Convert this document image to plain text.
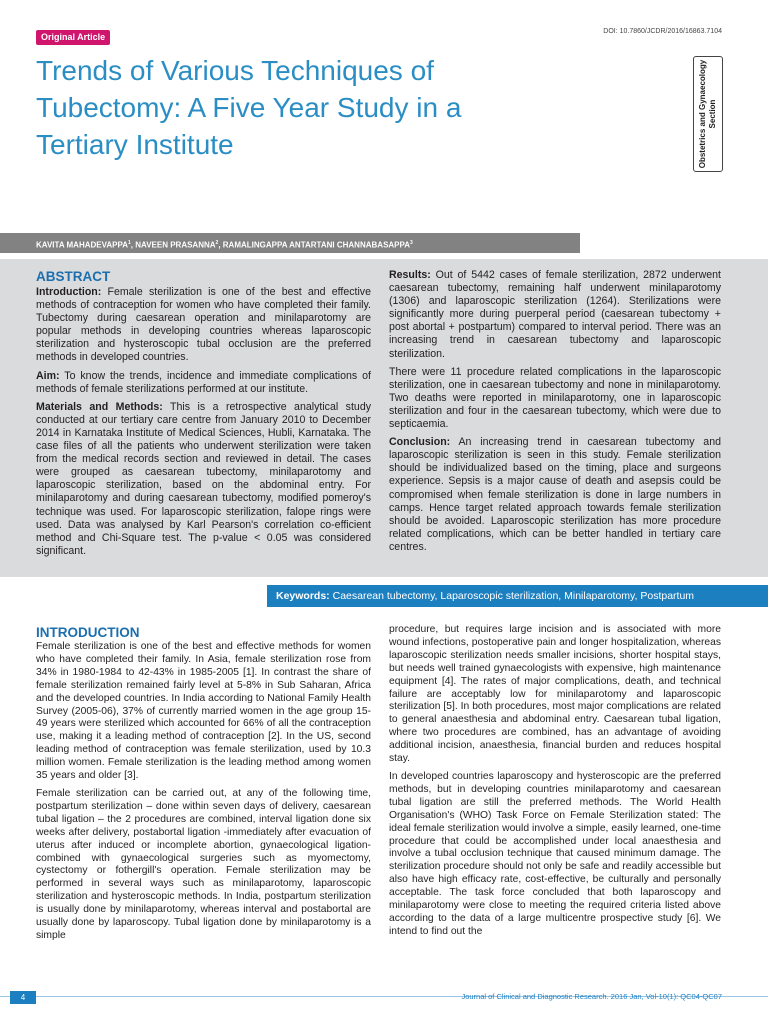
Original Article
DOI: 10.7860/JCDR/2016/16863.7104
Trends of Various Techniques of Tubectomy: A Five Year Study in a Tertiary Institute	Obstetrics and Gynaecology Section
KAVITA MAHADEVAPPA$^1$, NAVEEN PRASANNA$^2$, RAMALINGAPPA ANTARTANI CHANNABASAPPA$^3$
ABSTRACT

Introduction: Female sterilization is one of the best and effective methods of contraception for women who have completed their family. Tubectomy during caesarean operation and minilaparotomy are popular methods in developing countries whereas laparoscopic sterilization and hysteroscopic tubal occlusion are the preferred methods in developed countries.

Aim: To know the trends, incidence and immediate complications of methods of female sterilizations performed at our institute.

Materials and Methods: This is a retrospective analytical study conducted at our tertiary care centre from January 2010 to December 2014 in Karnataka Institute of Medical Sciences, Hubli, Karnataka. The case files of all the patients who underwent sterilization were taken from the medical records section and reviewed in detail. The cases were grouped as caesarean tubectomy, minilaparotomy and laparoscopic sterilization, based on the abdominal entry. For minilaparotomy and during caesarean tubectomy, modified pomeroy's technique was used. For laparoscopic sterilization, falope rings were used. Data was analysed by Karl Pearson's correlation co-efficient method and Chi-Square test. The p-value < 0.05 was considered significant.

Results: Out of 5442 cases of female sterilization, 2872 underwent caesarean tubectomy, remaining half underwent minilaparotomy (1306) and laparoscopic sterilization (1264). Sterilizations were significantly more during puerperal period (caesarean tubectomy + post abortal + postpartum) compared to interval period. There was an increasing trend in caesarean tubectomy and laparoscopic sterilization.

There were 11 procedure related complications in the laparoscopic sterilization, one in caesarean tubectomy and none in minilaparotomy. Two deaths were reported in minilaparotomy, one in laparoscopic sterilization and four in the caesarean tubectomy, which were due to septicaemia.

Conclusion: An increasing trend in caesarean tubectomy and laparoscopic sterilization is seen in this study. Female sterilization should be individualized based on the timing, place and surgeons experience. Sepsis is a major cause of death and asepsis could be compromised when female sterilization is done in large numbers in camps. Hence target related approach towards female sterilization should be avoided. Laparoscopic sterilization has more procedure related complications, which can be better handled in tertiary care centres.

Keywords: Caesarean tubectomy, Laparoscopic sterilization, Minilaparotomy, Postpartum
INTRODUCTION

Female sterilization is one of the best and effective methods for women who have completed their family. In Asia, female sterilization rose from 34% in 1980-1984 to 42-43% in 1985-2005 [1]. In contrast the share of female sterilization remained fairly level at 5-8% in Sub Saharan, Africa and the developed countries. In India according to National Family Health Survey (2005-06), 37% of currently married women in the age group 15-49 years were sterilized which accounted for 66% of all the contraception use, making it a leading method of contraception [2]. In the US, second leading method of contraception was female sterilization, used by 10.3 million women. Female sterilization is the leading method among women 35 years and older [3].

Female sterilization can be carried out, at any of the following time, postpartum sterilization – done within seven days of delivery, caesarean tubal ligation – the 2 procedures are combined, interval ligation done six weeks after delivery, postabortal ligation -immediately after evacuation of uterus after induced or incomplete abortion, gynaecological ligation-combined with gynaecological surgeries such as myomectomy, cystectomy or fothergill's operation. Female sterilization may be performed in several ways such as minilaparotomy, laparoscopic sterilization and hysteroscopic methods. In India, postpartum sterilization is usually done by minilaparotomy, whereas interval and postabortal are usually done by laparoscopy. Tubal ligation done by minilaparotomy is a simple

procedure, but requires large incision and is associated with more wound infections, postoperative pain and longer hospitalization, whereas laparoscopic sterilization needs smaller incisions, shorter hospital stays, but needs well trained gynaecologists with expensive, high maintenance equipment [4]. The rates of major complications, death, and technical failure are acceptably low for minilaparotomy and laparoscopic sterilization [5]. In both procedures, most major complications are related to general anaesthesia and abdominal entry. Caesarean tubal ligation, where two procedures are combined, has an advantage of avoiding additional incision, anaesthesia, financial burden and reduces hospital stay.

In developed countries laparoscopy and hysteroscopic are the preferred methods, but in developing countries minilaparotomy and caesarean tubal ligation are still the preferred methods. The World Health Organisation's (WHO) Task Force on Female Sterilization stated: The ideal female sterilization would involve a simple, easily learned, one-time procedure that could be accomplished under local anaesthesia and involve a tubal occlusion technique that caused minimum damage. The sterilization procedure should not only be safe and readily accessible but also have high efficacy rate, cost-effective, be culturally and personally acceptable. The task force concluded that both laparoscopy and minilaparotomy were close to meeting the required criteria listed above according to the data of a large multicentre prospective study [6]. We intend to find out the

4	Journal of Clinical and Diagnostic Research. 2016 Jan, Vol-10(1): QC04-QC07
